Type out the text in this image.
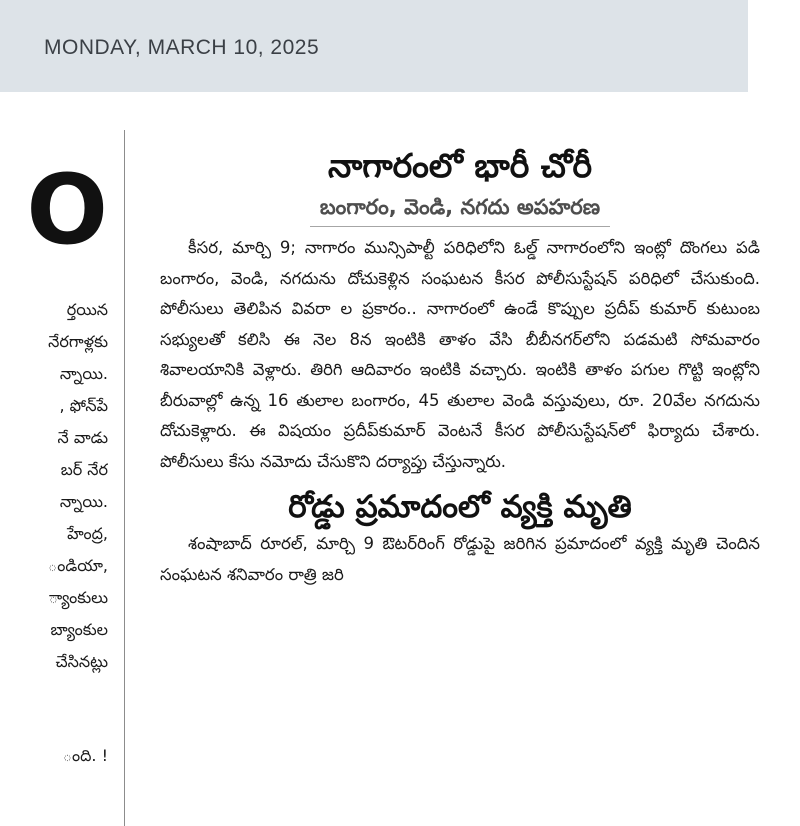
MONDAY, MARCH 10, 2025
O
ర్తయిన
నేరగాళ్లకు
న్నాయి.
, ఫోన్‌పే
నే వాడు
బర్ నేర
న్నాయి.
హేంద్ర,
ండియా,
్యాంకులు
బ్యాంకుల
చేసినట్లు
ంది. !
నాగారంలో భారీ చోరీ
బంగారం, వెండి, నగదు అపహరణ

కీసర, మార్చి 9; నాగారం మున్సిపాల్టీ పరిధిలోని ఓల్డ్ నాగారంలోని ఇంట్లో దొంగలు పడి బంగారం, వెండి, నగదును దోచుకెళ్లిన సంఘటన కీసర పోలీసుస్టేషన్ పరిధిలో చేసుకుంది. పోలీసులు తెలిపిన వివరా ల ప్రకారం.. నాగారంలో ఉండే కొప్పుల ప్రదీప్ కుమార్ కుటుంబ సభ్యులతో కలిసి ఈ నెల 8న ఇంటికి తాళం వేసి బీబీనగర్‌లోని పడమటి సోమవారం శివాలయానికి వెళ్లారు. తిరిగి ఆదివారం ఇంటికి వచ్చారు. ఇంటికి తాళం పగుల గొట్టి ఇంట్లోని బీరువాల్లో ఉన్న 16 తులాల బంగారం, 45 తులాల వెండి వస్తువులు, రూ. 20వేల నగదును దోచుకెళ్లారు. ఈ విషయం ప్రదీప్‌కుమార్ వెంటనే కీసర పోలీసుస్టేషన్‌లో ఫిర్యాదు చేశారు. పోలీసులు కేసు నమోదు చేసుకొని దర్యాప్తు చేస్తున్నారు.

రోడ్డు ప్రమాదంలో వ్యక్తి మృతి

శంషాబాద్ రూరల్, మార్చి 9 ఔటర్‌రింగ్ రోడ్డుపై జరిగిన ప్రమాదంలో వ్యక్తి మృతి చెందిన సంఘటన శనివారం రాత్రి జరి
